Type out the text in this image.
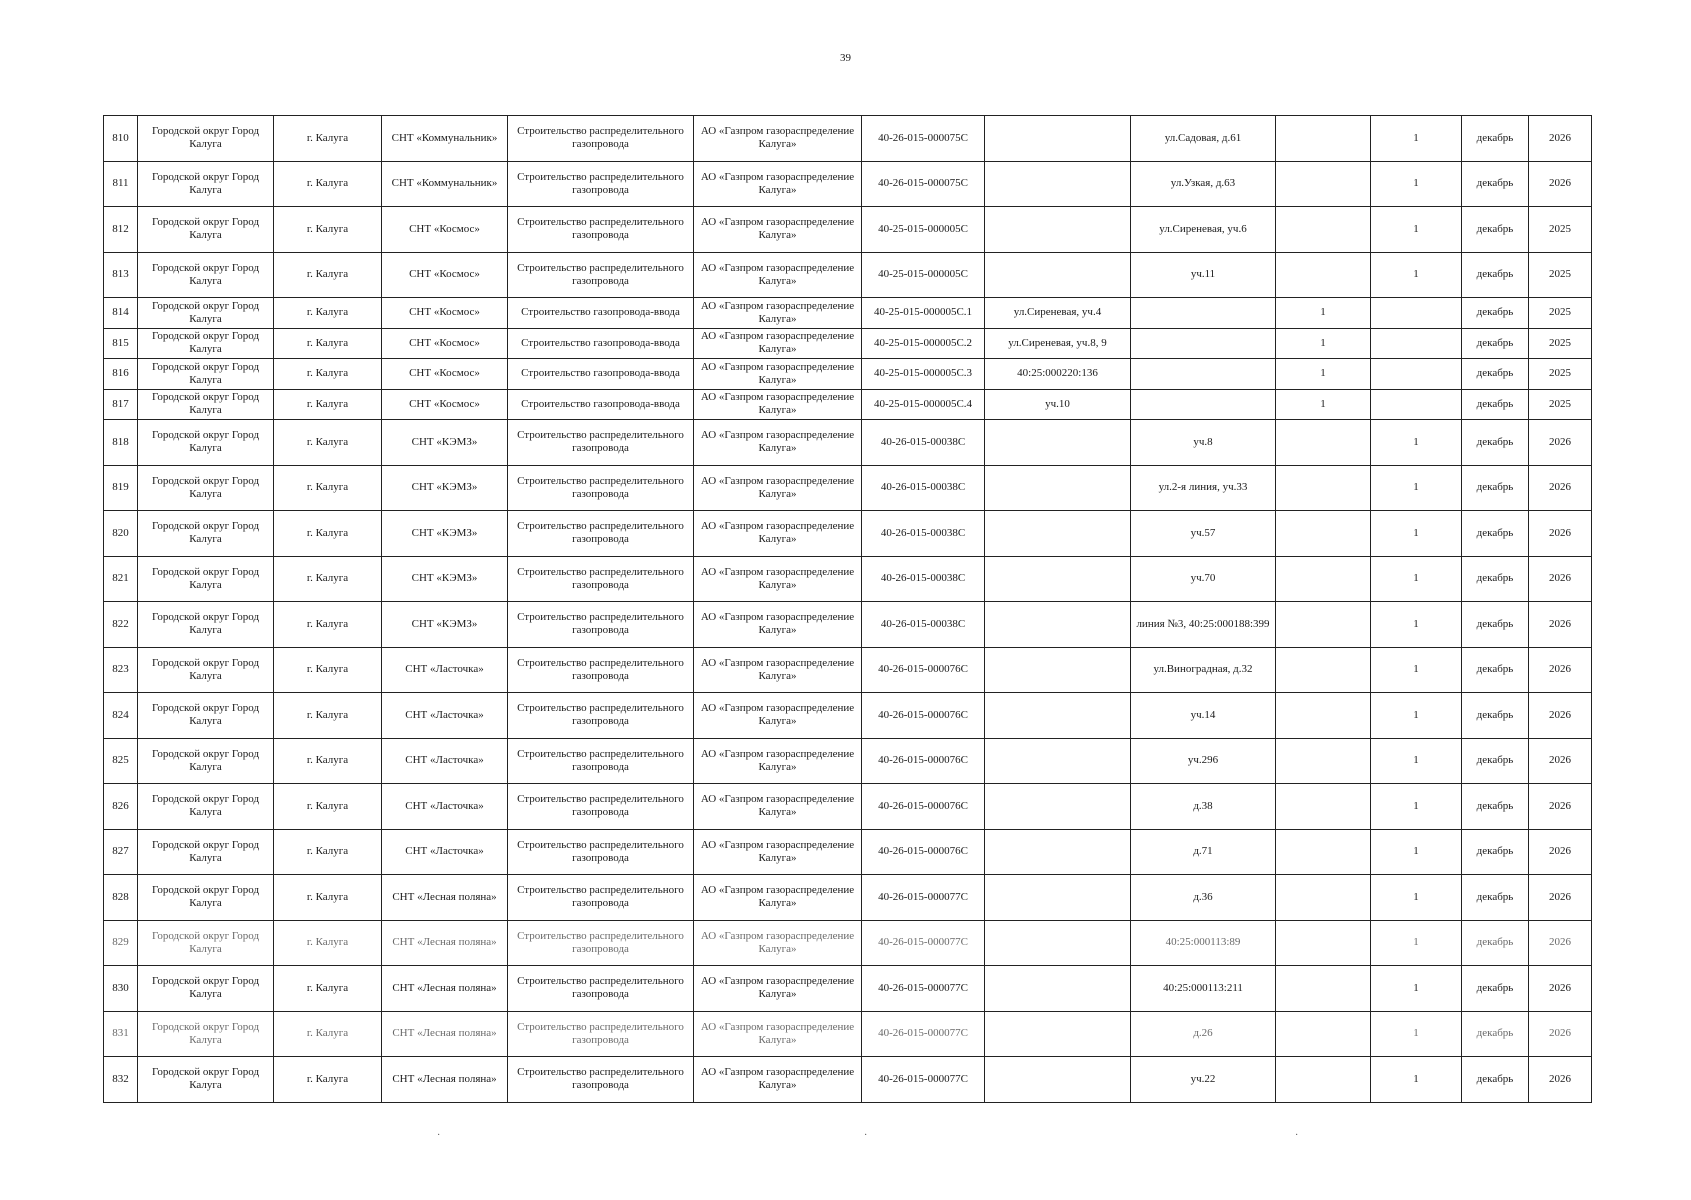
39
810	Городской округ Город Калуга	г. Калуга	СНТ «Коммунальник»	Строительство распределительного газопровода	АО «Газпром газораспределение Калуга»	40-26-015-000075С		ул.Садовая, д.61		1	декабрь	2026
811	Городской округ Город Калуга	г. Калуга	СНТ «Коммунальник»	Строительство распределительного газопровода	АО «Газпром газораспределение Калуга»	40-26-015-000075С		ул.Узкая, д.63		1	декабрь	2026
812	Городской округ Город Калуга	г. Калуга	СНТ «Космос»	Строительство распределительного газопровода	АО «Газпром газораспределение Калуга»	40-25-015-000005С		ул.Сиреневая, уч.6		1	декабрь	2025
813	Городской округ Город Калуга	г. Калуга	СНТ «Космос»	Строительство распределительного газопровода	АО «Газпром газораспределение Калуга»	40-25-015-000005С		уч.11		1	декабрь	2025
814	Городской округ Город Калуга	г. Калуга	СНТ «Космос»	Строительство газопровода-ввода	АО «Газпром газораспределение Калуга»	40-25-015-000005С.1	ул.Сиреневая, уч.4		1		декабрь	2025
815	Городской округ Город Калуга	г. Калуга	СНТ «Космос»	Строительство газопровода-ввода	АО «Газпром газораспределение Калуга»	40-25-015-000005С.2	ул.Сиреневая, уч.8, 9		1		декабрь	2025
816	Городской округ Город Калуга	г. Калуга	СНТ «Космос»	Строительство газопровода-ввода	АО «Газпром газораспределение Калуга»	40-25-015-000005С.3	40:25:000220:136		1		декабрь	2025
817	Городской округ Город Калуга	г. Калуга	СНТ «Космос»	Строительство газопровода-ввода	АО «Газпром газораспределение Калуга»	40-25-015-000005С.4	уч.10		1		декабрь	2025
818	Городской округ Город Калуга	г. Калуга	СНТ «КЭМЗ»	Строительство распределительного газопровода	АО «Газпром газораспределение Калуга»	40-26-015-00038С		уч.8		1	декабрь	2026
819	Городской округ Город Калуга	г. Калуга	СНТ «КЭМЗ»	Строительство распределительного газопровода	АО «Газпром газораспределение Калуга»	40-26-015-00038С		ул.2-я линия, уч.33		1	декабрь	2026
820	Городской округ Город Калуга	г. Калуга	СНТ «КЭМЗ»	Строительство распределительного газопровода	АО «Газпром газораспределение Калуга»	40-26-015-00038С		уч.57		1	декабрь	2026
821	Городской округ Город Калуга	г. Калуга	СНТ «КЭМЗ»	Строительство распределительного газопровода	АО «Газпром газораспределение Калуга»	40-26-015-00038С		уч.70		1	декабрь	2026
822	Городской округ Город Калуга	г. Калуга	СНТ «КЭМЗ»	Строительство распределительного газопровода	АО «Газпром газораспределение Калуга»	40-26-015-00038С		линия №3, 40:25:000188:399		1	декабрь	2026
823	Городской округ Город Калуга	г. Калуга	СНТ «Ласточка»	Строительство распределительного газопровода	АО «Газпром газораспределение Калуга»	40-26-015-000076С		ул.Виноградная, д.32		1	декабрь	2026
824	Городской округ Город Калуга	г. Калуга	СНТ «Ласточка»	Строительство распределительного газопровода	АО «Газпром газораспределение Калуга»	40-26-015-000076С		уч.14		1	декабрь	2026
825	Городской округ Город Калуга	г. Калуга	СНТ «Ласточка»	Строительство распределительного газопровода	АО «Газпром газораспределение Калуга»	40-26-015-000076С		уч.296		1	декабрь	2026
826	Городской округ Город Калуга	г. Калуга	СНТ «Ласточка»	Строительство распределительного газопровода	АО «Газпром газораспределение Калуга»	40-26-015-000076С		д.38		1	декабрь	2026
827	Городской округ Город Калуга	г. Калуга	СНТ «Ласточка»	Строительство распределительного газопровода	АО «Газпром газораспределение Калуга»	40-26-015-000076С		д.71		1	декабрь	2026
828	Городской округ Город Калуга	г. Калуга	СНТ «Лесная поляна»	Строительство распределительного газопровода	АО «Газпром газораспределение Калуга»	40-26-015-000077С		д.36		1	декабрь	2026
829	Городской округ Город Калуга	г. Калуга	СНТ «Лесная поляна»	Строительство распределительного газопровода	АО «Газпром газораспределение Калуга»	40-26-015-000077С		40:25:000113:89		1	декабрь	2026
830	Городской округ Город Калуга	г. Калуга	СНТ «Лесная поляна»	Строительство распределительного газопровода	АО «Газпром газораспределение Калуга»	40-26-015-000077С		40:25:000113:211		1	декабрь	2026
831	Городской округ Город Калуга	г. Калуга	СНТ «Лесная поляна»	Строительство распределительного газопровода	АО «Газпром газораспределение Калуга»	40-26-015-000077С		д.26		1	декабрь	2026
832	Городской округ Город Калуга	г. Калуга	СНТ «Лесная поляна»	Строительство распределительного газопровода	АО «Газпром газораспределение Калуга»	40-26-015-000077С		уч.22		1	декабрь	2026
·	·	·
